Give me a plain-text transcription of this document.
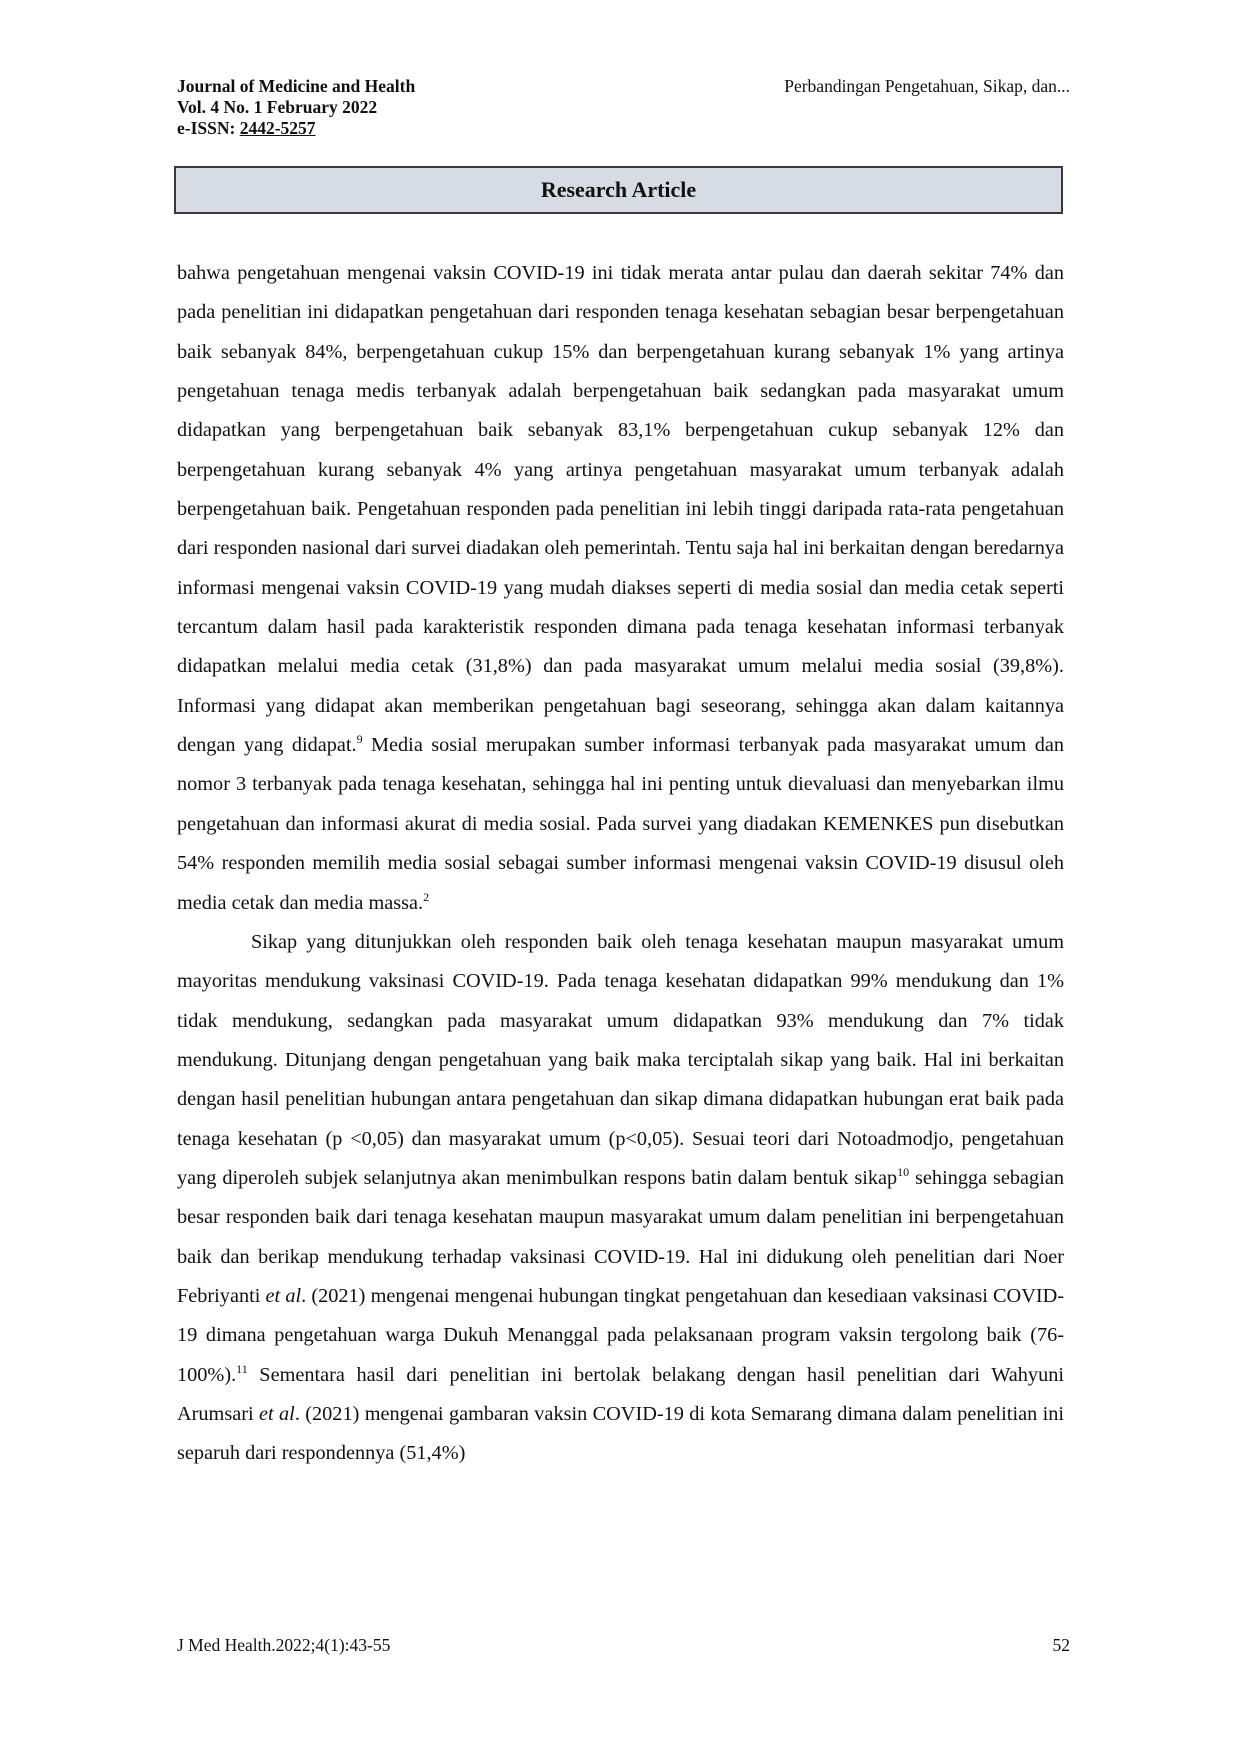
Journal of Medicine and Health
Vol. 4 No. 1 February 2022
e-ISSN: 2442-5257
Perbandingan Pengetahuan, Sikap, dan...
Research Article

bahwa pengetahuan mengenai vaksin COVID-19 ini tidak merata antar pulau dan daerah sekitar 74% dan pada penelitian ini didapatkan pengetahuan dari responden tenaga kesehatan sebagian besar berpengetahuan baik sebanyak 84%, berpengetahuan cukup 15% dan berpengetahuan kurang sebanyak 1% yang artinya pengetahuan tenaga medis terbanyak adalah berpengetahuan baik sedangkan pada masyarakat umum didapatkan yang berpengetahuan baik sebanyak 83,1% berpengetahuan cukup sebanyak 12% dan berpengetahuan kurang sebanyak 4% yang artinya pengetahuan masyarakat umum terbanyak adalah berpengetahuan baik. Pengetahuan responden pada penelitian ini lebih tinggi daripada rata-rata pengetahuan dari responden nasional dari survei diadakan oleh pemerintah. Tentu saja hal ini berkaitan dengan beredarnya informasi mengenai vaksin COVID-19 yang mudah diakses seperti di media sosial dan media cetak seperti tercantum dalam hasil pada karakteristik responden dimana pada tenaga kesehatan informasi terbanyak didapatkan melalui media cetak (31,8%) dan pada masyarakat umum melalui media sosial (39,8%). Informasi yang didapat akan memberikan pengetahuan bagi seseorang, sehingga akan dalam kaitannya dengan yang didapat.$^9$ Media sosial merupakan sumber informasi terbanyak pada masyarakat umum dan nomor 3 terbanyak pada tenaga kesehatan, sehingga hal ini penting untuk dievaluasi dan menyebarkan ilmu pengetahuan dan informasi akurat di media sosial. Pada survei yang diadakan KEMENKES pun disebutkan 54% responden memilih media sosial sebagai sumber informasi mengenai vaksin COVID-19 disusul oleh media cetak dan media massa.$^2$

Sikap yang ditunjukkan oleh responden baik oleh tenaga kesehatan maupun masyarakat umum mayoritas mendukung vaksinasi COVID-19. Pada tenaga kesehatan didapatkan 99% mendukung dan 1% tidak mendukung, sedangkan pada masyarakat umum didapatkan 93% mendukung dan 7% tidak mendukung. Ditunjang dengan pengetahuan yang baik maka terciptalah sikap yang baik. Hal ini berkaitan dengan hasil penelitian hubungan antara pengetahuan dan sikap dimana didapatkan hubungan erat baik pada tenaga kesehatan (p <0,05) dan masyarakat umum (p<0,05). Sesuai teori dari Notoadmodjo, pengetahuan yang diperoleh subjek selanjutnya akan menimbulkan respons batin dalam bentuk sikap$^{10}$ sehingga sebagian besar responden baik dari tenaga kesehatan maupun masyarakat umum dalam penelitian ini berpengetahuan baik dan berikap mendukung terhadap vaksinasi COVID-19. Hal ini didukung oleh penelitian dari Noer Febriyanti et al. (2021) mengenai mengenai hubungan tingkat pengetahuan dan kesediaan vaksinasi COVID-19 dimana pengetahuan warga Dukuh Menanggal pada pelaksanaan program vaksin tergolong baik (76-100%).$^{11}$ Sementara hasil dari penelitian ini bertolak belakang dengan hasil penelitian dari Wahyuni Arumsari et al. (2021) mengenai gambaran vaksin COVID-19 di kota Semarang dimana dalam penelitian ini separuh dari respondennya (51,4%)

J Med Health.2022;4(1):43-55	52
